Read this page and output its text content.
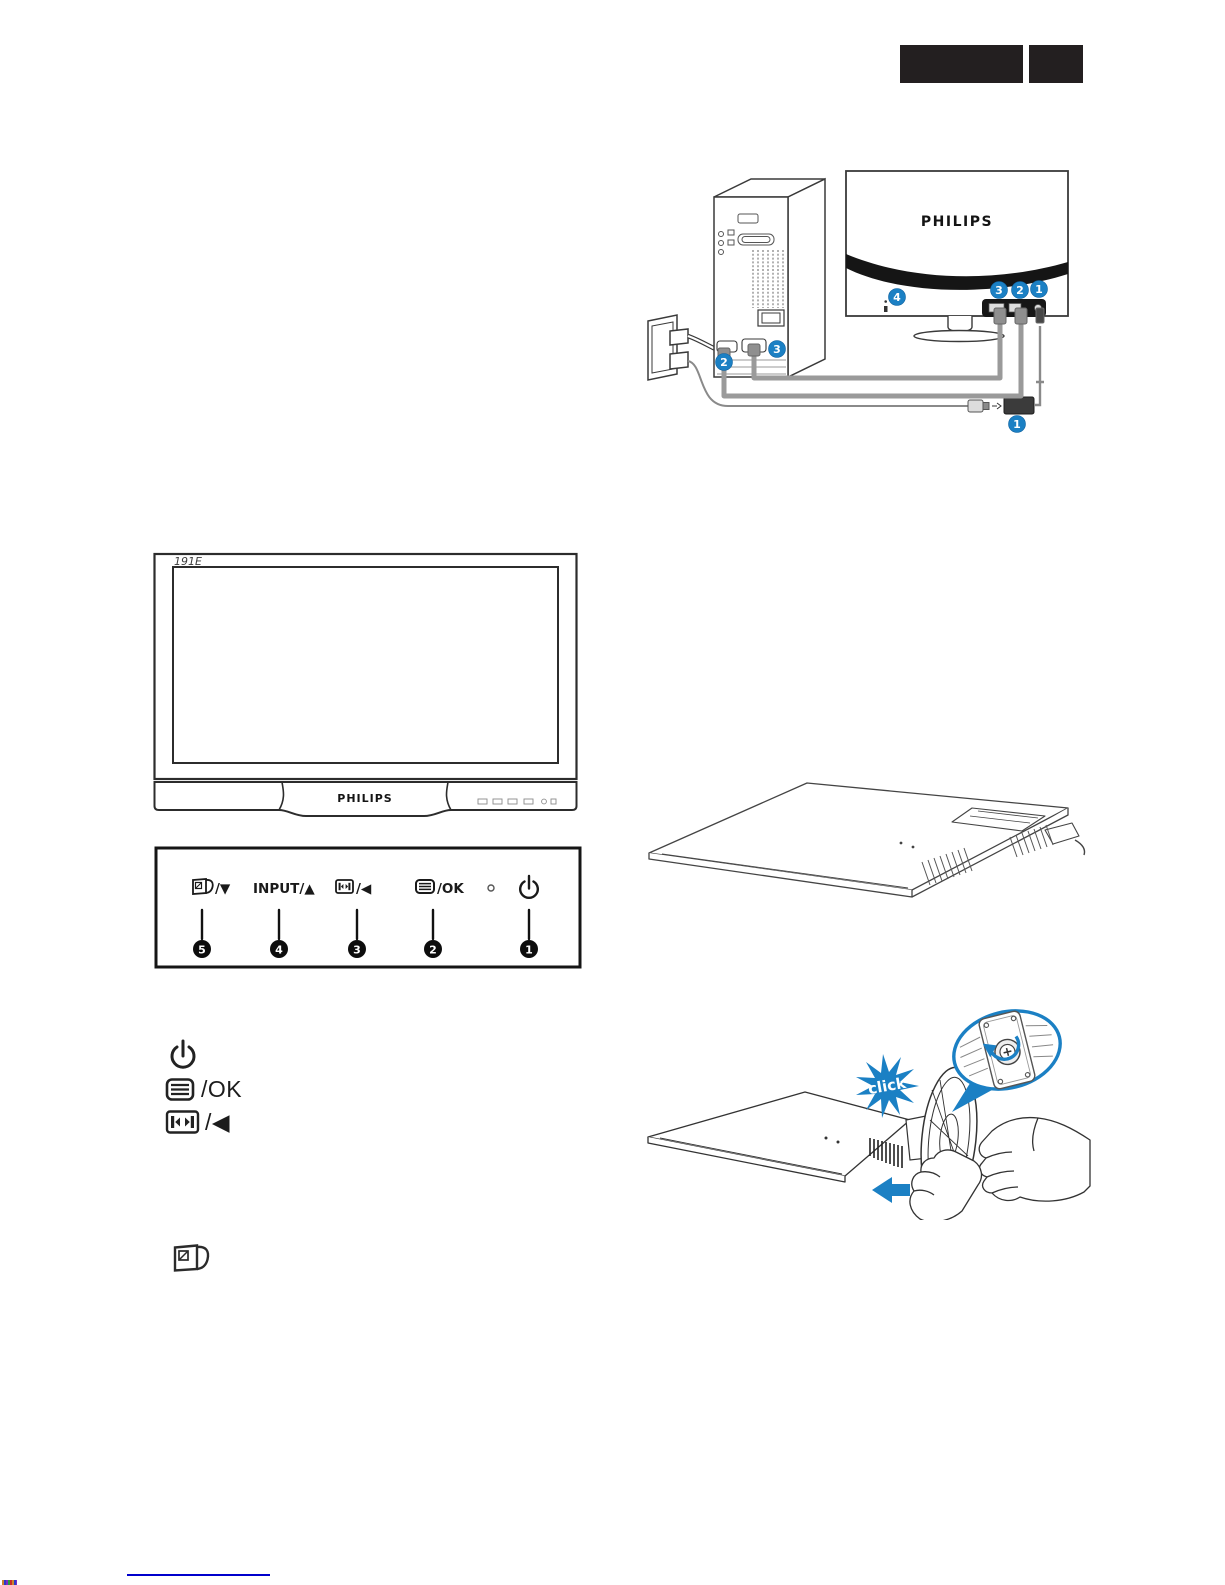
PHILIPS
1
2
3
4
2
3
1
191E
PHILIPS
/▼ INPUT/▲	/◀	/OK
5	4	3	2	1
/OK
/◀
click
